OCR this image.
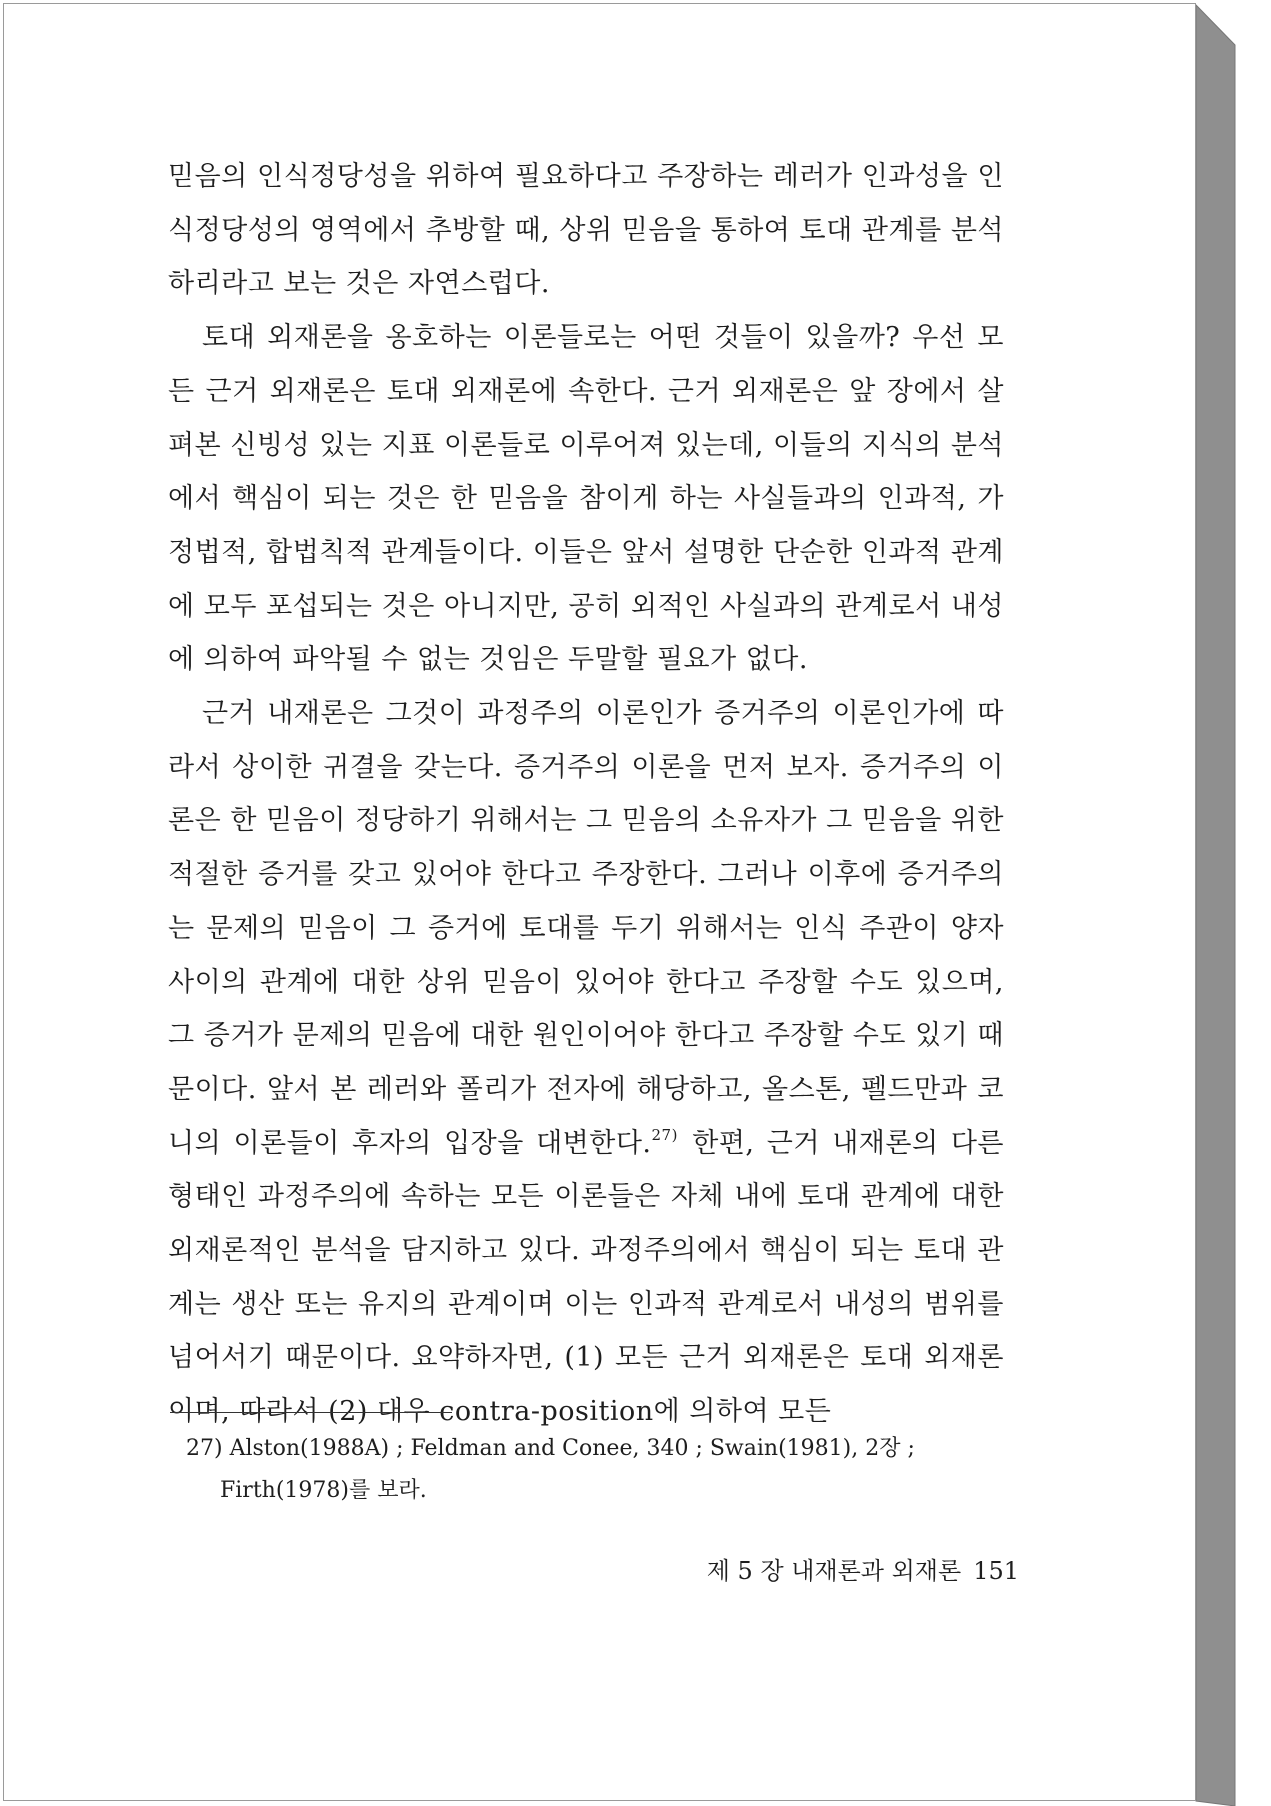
믿음의 인식정당성을 위하여 필요하다고 주장하는 레러가 인과성을 인식정당성의 영역에서 추방할 때, 상위 믿음을 통하여 토대 관계를 분석하리라고 보는 것은 자연스럽다.

토대 외재론을 옹호하는 이론들로는 어떤 것들이 있을까? 우선 모든 근거 외재론은 토대 외재론에 속한다. 근거 외재론은 앞 장에서 살펴본 신빙성 있는 지표 이론들로 이루어져 있는데, 이들의 지식의 분석에서 핵심이 되는 것은 한 믿음을 참이게 하는 사실들과의 인과적, 가정법적, 합법칙적 관계들이다. 이들은 앞서 설명한 단순한 인과적 관계에 모두 포섭되는 것은 아니지만, 공히 외적인 사실과의 관계로서 내성에 의하여 파악될 수 없는 것임은 두말할 필요가 없다.

근거 내재론은 그것이 과정주의 이론인가 증거주의 이론인가에 따라서 상이한 귀결을 갖는다. 증거주의 이론을 먼저 보자. 증거주의 이론은 한 믿음이 정당하기 위해서는 그 믿음의 소유자가 그 믿음을 위한 적절한 증거를 갖고 있어야 한다고 주장한다. 그러나 이후에 증거주의는 문제의 믿음이 그 증거에 토대를 두기 위해서는 인식 주관이 양자 사이의 관계에 대한 상위 믿음이 있어야 한다고 주장할 수도 있으며, 그 증거가 문제의 믿음에 대한 원인이어야 한다고 주장할 수도 있기 때문이다. 앞서 본 레러와 폴리가 전자에 해당하고, 올스톤, 펠드만과 코니의 이론들이 후자의 입장을 대변한다.$^{27)}$ 한편, 근거 내재론의 다른 형태인 과정주의에 속하는 모든 이론들은 자체 내에 토대 관계에 대한 외재론적인 분석을 담지하고 있다. 과정주의에서 핵심이 되는 토대 관계는 생산 또는 유지의 관계이며 이는 인과적 관계로서 내성의 범위를 넘어서기 때문이다. 요약하자면, (1) 모든 근거 외재론은 토대 외재론이며, 따라서 (2) 대우 contra-position에 의하여 모든

27) Alston(1988A) ; Feldman and Conee, 340 ; Swain(1981), 2장 ; Firth(1978)를 보라.
제 5 장 내재론과 외재론 151
